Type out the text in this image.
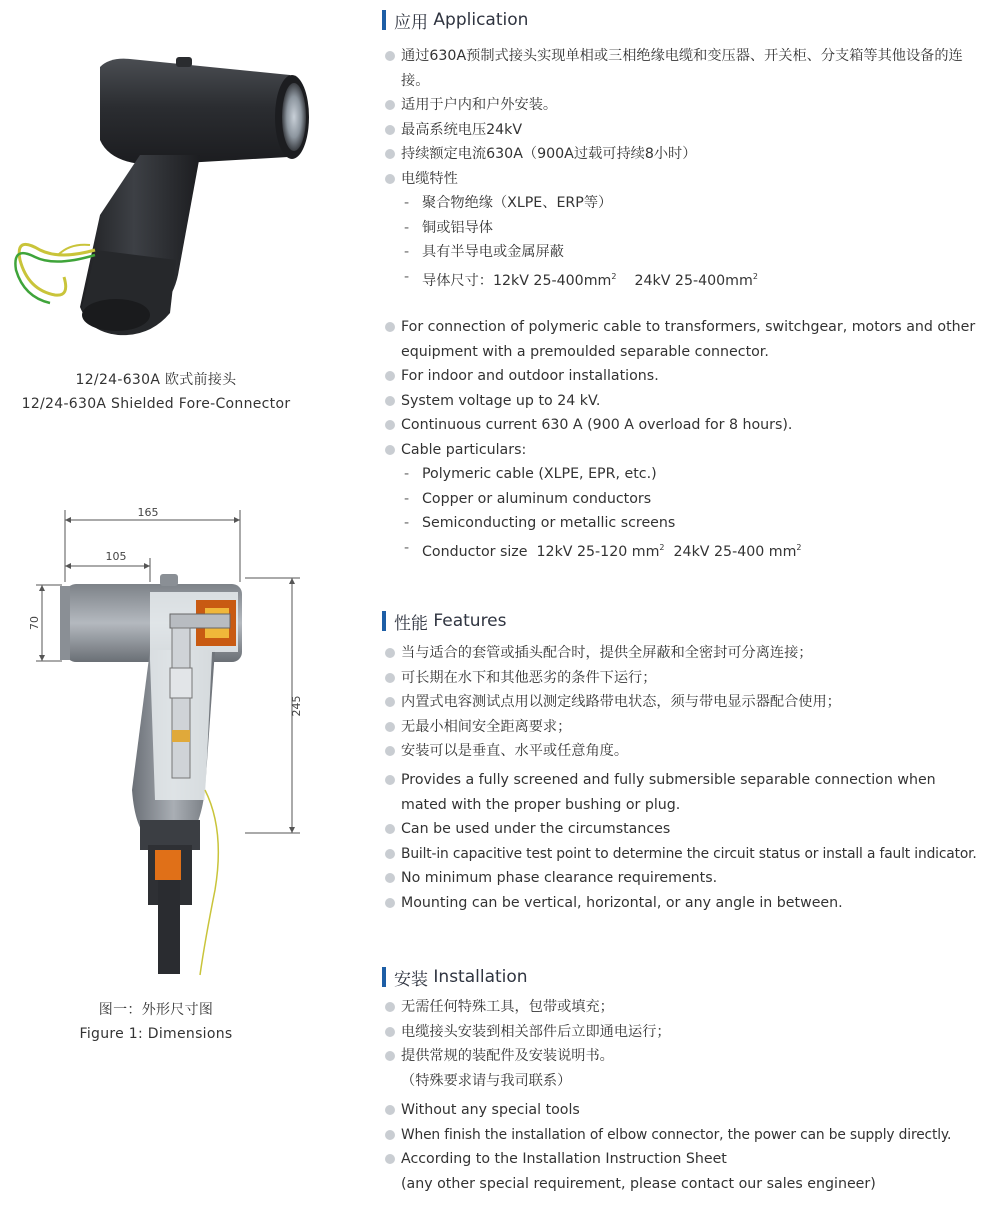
12/24-630A 欧式前接头
12/24-630A Shielded Fore-Connector
165
105
70
245
图一：外形尺寸图
Figure 1: Dimensions
应用
Application
通过630A预制式接头实现单相或三相绝缘电缆和变压器、开关柜、分支箱等其他设备的连接。
适用于户内和户外安装。
最高系统电压24kV
持续额定电流630A（900A过载可持续8小时）
电缆特性
- 聚合物绝缘（XLPE、ERP等）
- 铜或铝导体
- 具有半导电或金属屏蔽
- 导体尺寸：12kV $25-400mm^2$ 24kV $25-400mm^2$
For connection of polymeric cable to transformers, switchgear, motors and other equipment with a premoulded separable connector.
For indoor and outdoor installations.
System voltage up to 24 kV.
Continuous current 630 A (900 A overload for 8 hours).
Cable particulars:
- Polymeric cable (XLPE, EPR, etc.)
- Copper or aluminum conductors
- Semiconducting or metallic screens
- Conductor size 12kV 25-120 $mm^2$ 24kV 25-400 $mm^2$
性能
Features
当与适合的套管或插头配合时，提供全屏蔽和全密封可分离连接；
可长期在水下和其他恶劣的条件下运行；
内置式电容测试点用以测定线路带电状态，须与带电显示器配合使用；
无最小相间安全距离要求；
安装可以是垂直、水平或任意角度。
Provides a fully screened and fully submersible separable connection when mated with the proper bushing or plug.
Can be used under the circumstances
Built-in capacitive test point to determine the circuit status or install a fault indicator.
No minimum phase clearance requirements.
Mounting can be vertical, horizontal, or any angle in between.
安装
Installation
无需任何特殊工具，包带或填充；
电缆接头安装到相关部件后立即通电运行；
提供常规的装配件及安装说明书。
（特殊要求请与我司联系）
Without any special tools
When finish the installation of elbow connector, the power can be supply directly.
According to the Installation Instruction Sheet
(any other special requirement, please contact our sales engineer)
